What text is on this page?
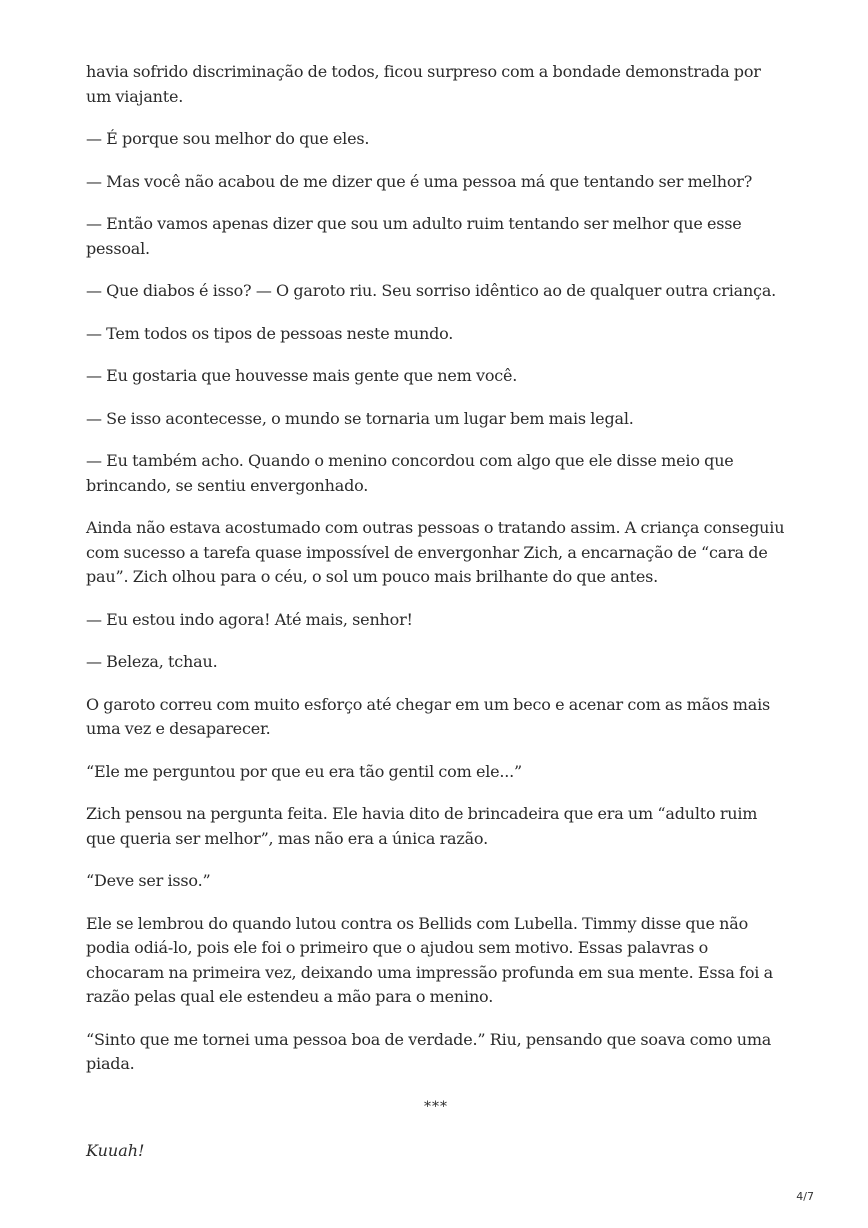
havia sofrido discriminação de todos, ficou surpreso com a bondade demonstrada por um viajante.

— É porque sou melhor do que eles.

— Mas você não acabou de me dizer que é uma pessoa má que tentando ser melhor?

— Então vamos apenas dizer que sou um adulto ruim tentando ser melhor que esse pessoal.

— Que diabos é isso? — O garoto riu. Seu sorriso idêntico ao de qualquer outra criança.

— Tem todos os tipos de pessoas neste mundo.

— Eu gostaria que houvesse mais gente que nem você.

— Se isso acontecesse, o mundo se tornaria um lugar bem mais legal.

— Eu também acho. Quando o menino concordou com algo que ele disse meio que brincando, se sentiu envergonhado.

Ainda não estava acostumado com outras pessoas o tratando assim. A criança conseguiu com sucesso a tarefa quase impossível de envergonhar Zich, a encarnação de “cara de pau”. Zich olhou para o céu, o sol um pouco mais brilhante do que antes.

— Eu estou indo agora! Até mais, senhor!

— Beleza, tchau.

O garoto correu com muito esforço até chegar em um beco e acenar com as mãos mais uma vez e desaparecer.

“Ele me perguntou por que eu era tão gentil com ele...”

Zich pensou na pergunta feita. Ele havia dito de brincadeira que era um “adulto ruim que queria ser melhor”, mas não era a única razão.

“Deve ser isso.”

Ele se lembrou do quando lutou contra os Bellids com Lubella. Timmy disse que não podia odiá-lo, pois ele foi o primeiro que o ajudou sem motivo. Essas palavras o chocaram na primeira vez, deixando uma impressão profunda em sua mente. Essa foi a razão pelas qual ele estendeu a mão para o menino.

“Sinto que me tornei uma pessoa boa de verdade.” Riu, pensando que soava como uma piada.

***

Kuuah!

4/7
